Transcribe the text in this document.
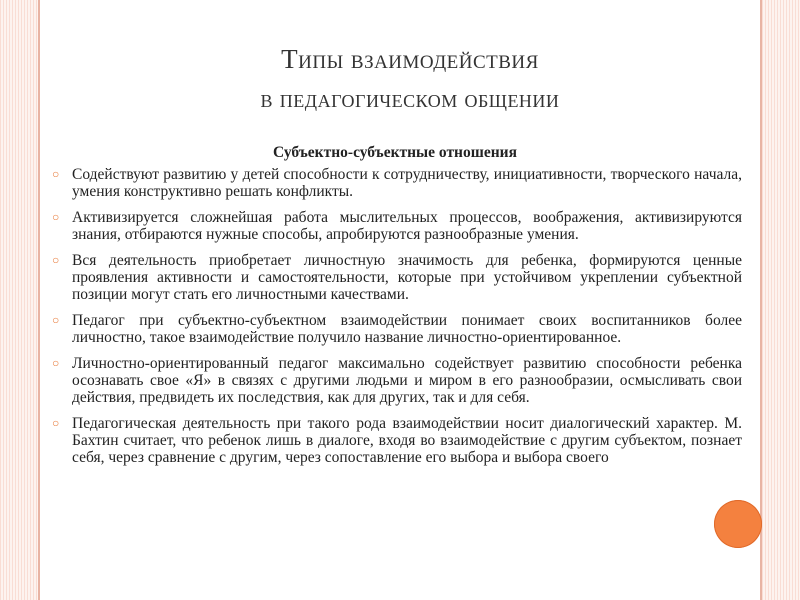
Типы взаимодействия
в педагогическом общении
Субъектно-субъектные отношения
○ Содействуют развитию у детей способности к сотрудничеству, инициативности, творческого начала, умения конструктивно решать конфликты.
○ Активизируется сложнейшая работа мыслительных процессов, воображения, активизируются знания, отбираются нужные способы, апробируются разнообразные умения.
○ Вся деятельность приобретает личностную значимость для ребенка, формируются ценные проявления активности и самостоятельности, которые при устойчивом укреплении субъектной позиции могут стать его личностными качествами.
○ Педагог при субъектно-субъектном взаимодействии понимает своих воспитанников более личностно, такое взаимодействие получило название личностно-ориентированное.
○ Личностно-ориентированный педагог максимально содействует развитию способности ребенка осознавать свое «Я» в связях с другими людьми и миром в его разнообразии, осмысливать свои действия, предвидеть их последствия, как для других, так и для себя.
○ Педагогическая деятельность при такого рода взаимодействии носит диалогический характер. М. Бахтин считает, что ребенок лишь в диалоге, входя во взаимодействие с другим субъектом, познает себя, через сравнение с другим, через сопоставление его выбора и выбора своего
